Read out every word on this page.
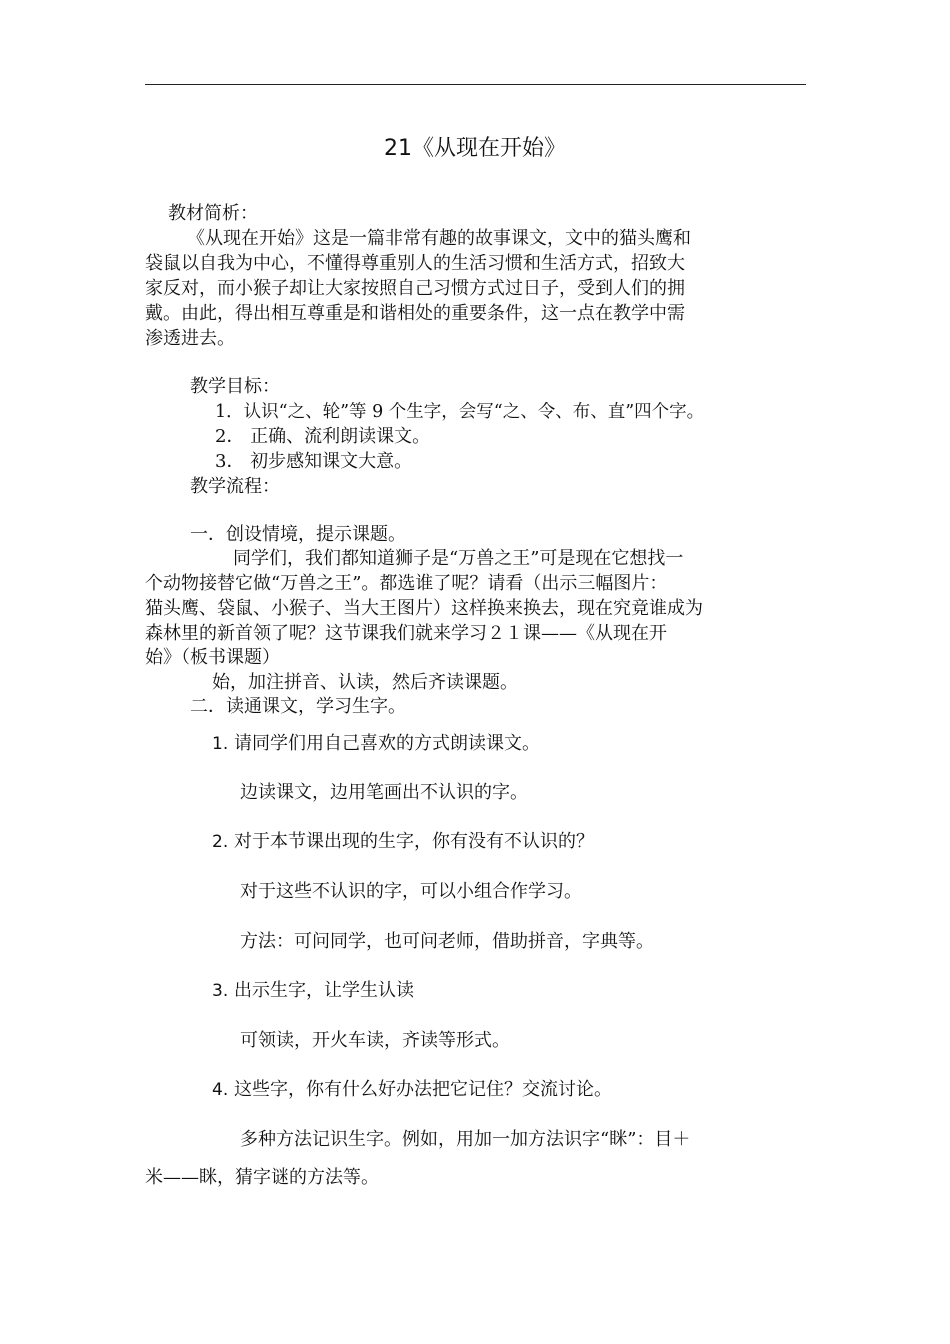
21《从现在开始》
教材简析：
《从现在开始》这是一篇非常有趣的故事课文，文中的猫头鹰和
袋鼠以自我为中心，不懂得尊重别人的生活习惯和生活方式，招致大
家反对，而小猴子却让大家按照自己习惯方式过日子，受到人们的拥
戴。由此，得出相互尊重是和谐相处的重要条件，这一点在教学中需
渗透进去。
教学目标：
1．认识“之、轮”等 9 个生字，会写“之、令、布、直”四个字。
2． 正确、流利朗读课文。
3． 初步感知课文大意。
教学流程：
一．创设情境，提示课题。
同学们，我们都知道狮子是“万兽之王”可是现在它想找一
个动物接替它做“万兽之王”。都选谁了呢？请看（出示三幅图片：
猫头鹰、袋鼠、小猴子、当大王图片）这样换来换去，现在究竟谁成为
森林里的新首领了呢？这节课我们就来学习２１课——《从现在开
始》（板书课题）
始，加注拼音、认读，然后齐读课题。
二．读通课文，学习生字。
1. 请同学们用自己喜欢的方式朗读课文。
边读课文，边用笔画出不认识的字。
2. 对于本节课出现的生字，你有没有不认识的？
对于这些不认识的字，可以小组合作学习。
方法：可问同学，也可问老师，借助拼音，字典等。
3. 出示生字，让学生认读
可领读，开火车读，齐读等形式。
4. 这些字，你有什么好办法把它记住？交流讨论。
多种方法记识生字。例如，用加一加方法识字“眯”：目＋
米——眯，猜字谜的方法等。
